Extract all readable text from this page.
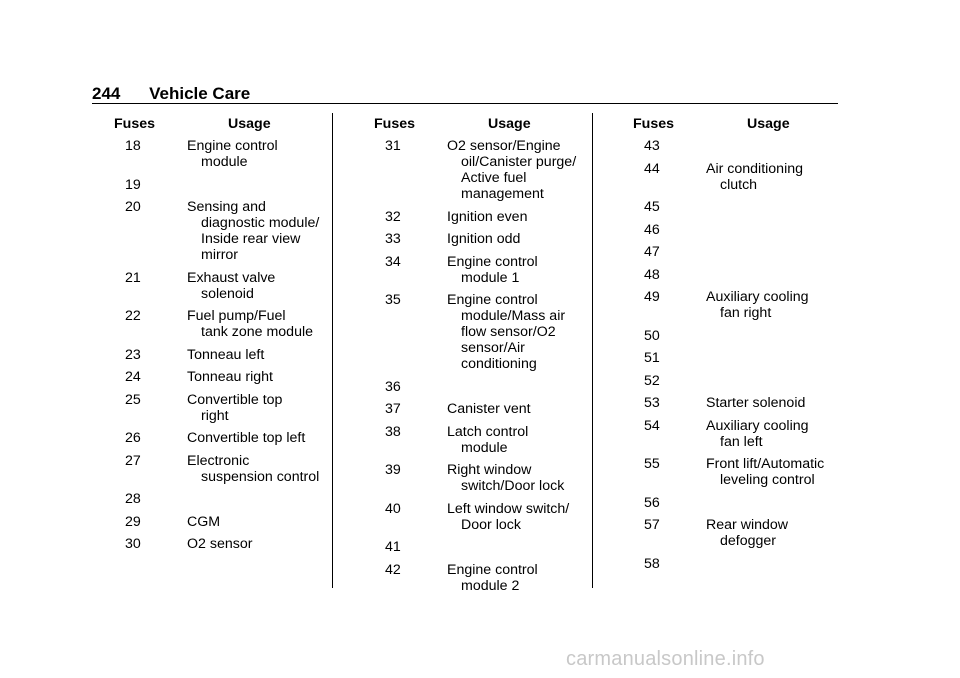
244 Vehicle Care
Fuses	Usage
18	Engine control
module
19
20	Sensing and
diagnostic module/
Inside rear view
mirror
21	Exhaust valve
solenoid
22	Fuel pump/Fuel
tank zone module
23	Tonneau left
24	Tonneau right
25	Convertible top
right
26	Convertible top left
27	Electronic
suspension control
28
29	CGM
30	O2 sensor
Fuses	Usage
31	O2 sensor/Engine
oil/Canister purge/
Active fuel
management
32	Ignition even
33	Ignition odd
34	Engine control
module 1
35	Engine control
module/Mass air
flow sensor/O2
sensor/Air
conditioning
36
37	Canister vent
38	Latch control
module
39	Right window
switch/Door lock
40	Left window switch/
Door lock
41
42	Engine control
module 2
Fuses	Usage
43
44	Air conditioning
clutch
45
46
47
48
49	Auxiliary cooling
fan right
50
51
52
53	Starter solenoid
54	Auxiliary cooling
fan left
55	Front lift/Automatic
leveling control
56
57	Rear window
defogger
58
carmanualsonline.info
